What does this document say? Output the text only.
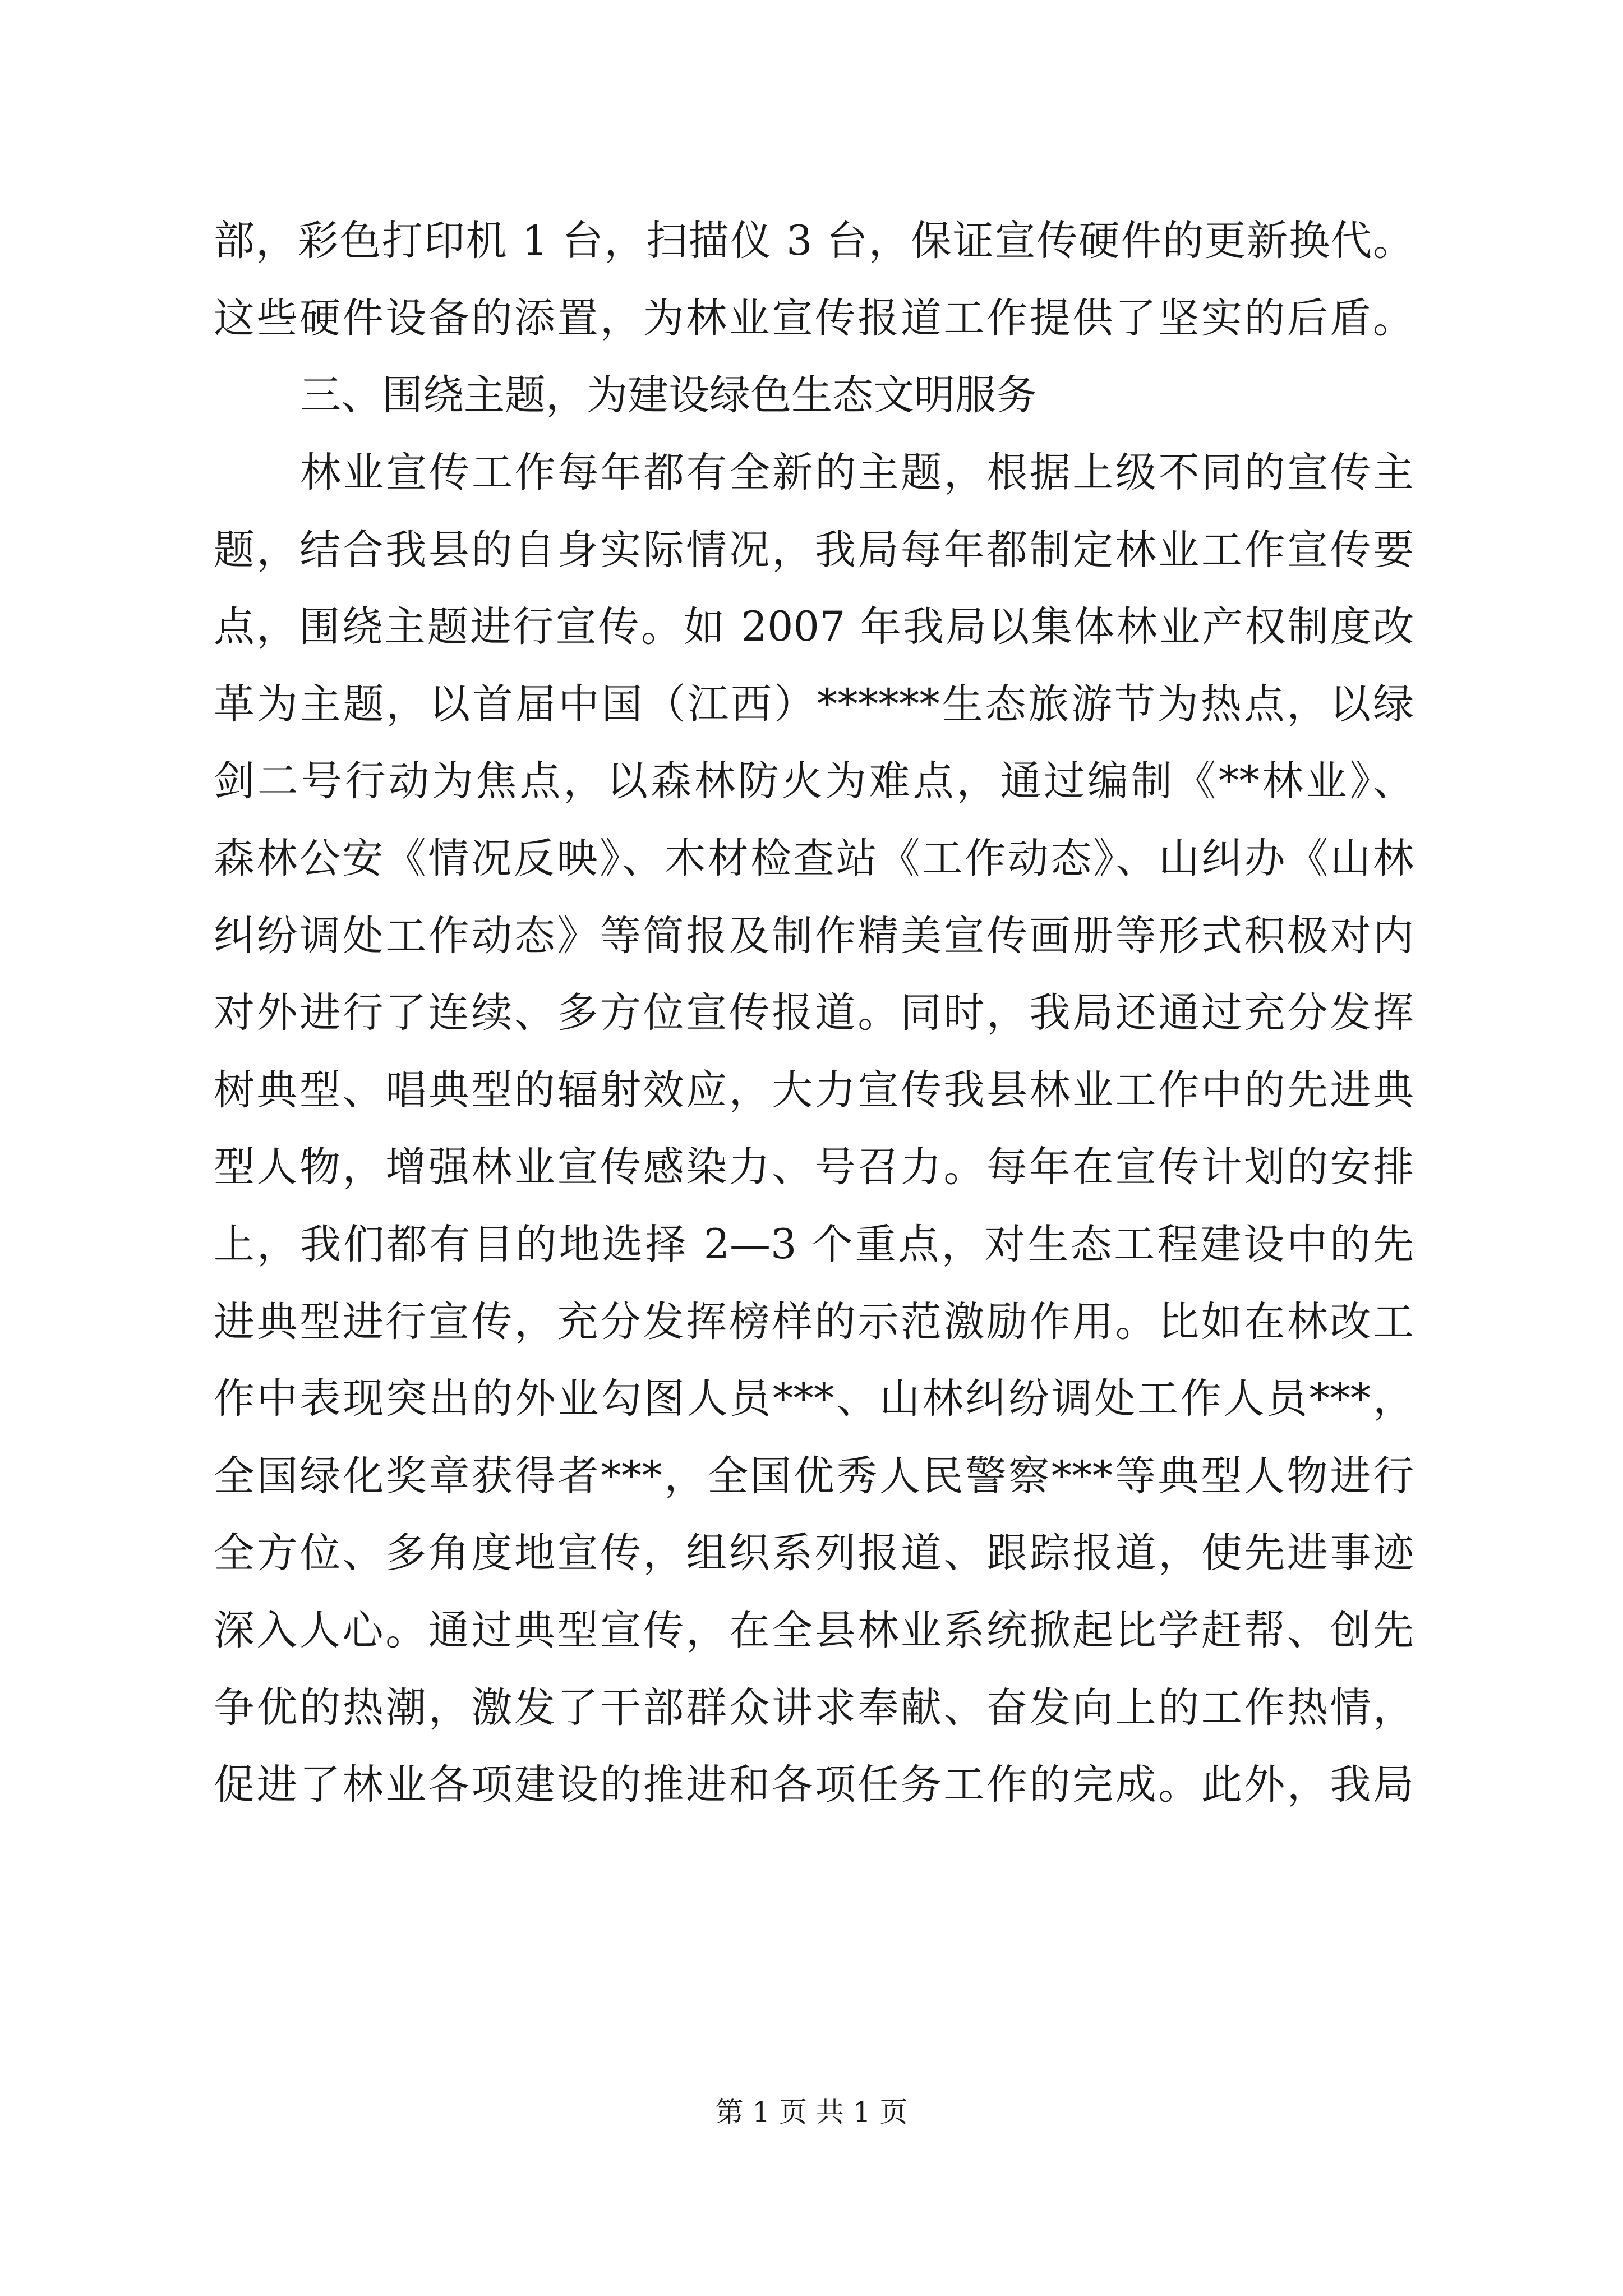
部，彩色打印机 1 台，扫描仪 3 台，保证宣传硬件的更新换代。
这些硬件设备的添置，为林业宣传报道工作提供了坚实的后盾。
三、围绕主题，为建设绿色生态文明服务
林业宣传工作每年都有全新的主题，根据上级不同的宣传主
题，结合我县的自身实际情况，我局每年都制定林业工作宣传要
点，围绕主题进行宣传。如 2007 年我局以集体林业产权制度改
革为主题，以首届中国（江西）******生态旅游节为热点，以绿
剑二号行动为焦点，以森林防火为难点，通过编制《**林业》、
森林公安《情况反映》、木材检查站《工作动态》、山纠办《山林
纠纷调处工作动态》等简报及制作精美宣传画册等形式积极对内
对外进行了连续、多方位宣传报道。同时，我局还通过充分发挥
树典型、唱典型的辐射效应，大力宣传我县林业工作中的先进典
型人物，增强林业宣传感染力、号召力。每年在宣传计划的安排
上，我们都有目的地选择 2—3 个重点，对生态工程建设中的先
进典型进行宣传，充分发挥榜样的示范激励作用。比如在林改工
作中表现突出的外业勾图人员***、山林纠纷调处工作人员***，
全国绿化奖章获得者***，全国优秀人民警察***等典型人物进行
全方位、多角度地宣传，组织系列报道、跟踪报道，使先进事迹
深入人心。通过典型宣传，在全县林业系统掀起比学赶帮、创先
争优的热潮，激发了干部群众讲求奉献、奋发向上的工作热情，
促进了林业各项建设的推进和各项任务工作的完成。此外，我局
第 1 页 共 1 页
